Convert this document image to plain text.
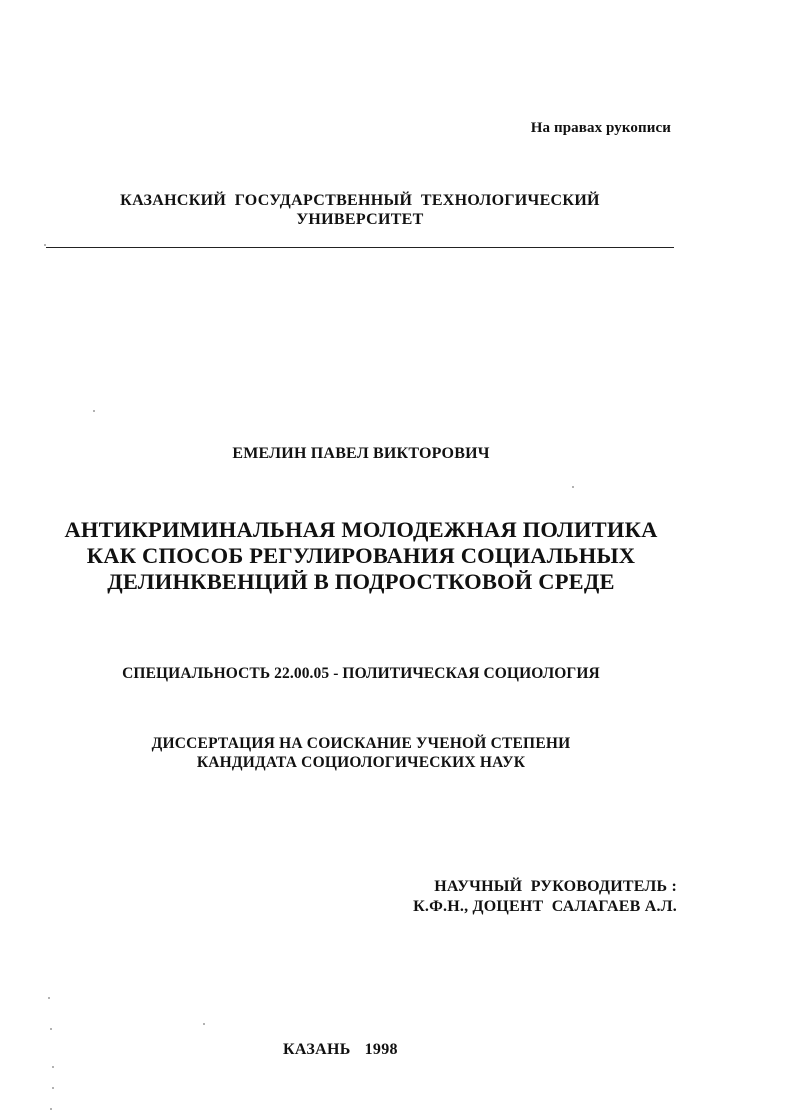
На правах рукописи
КАЗАНСКИЙ  ГОСУДАРСТВЕННЫЙ  ТЕХНОЛОГИЧЕСКИЙ
УНИВЕРСИТЕТ
ЕМЕЛИН ПАВЕЛ ВИКТОРОВИЧ
АНТИКРИМИНАЛЬНАЯ МОЛОДЕЖНАЯ ПОЛИТИКА
КАК СПОСОБ РЕГУЛИРОВАНИЯ СОЦИАЛЬНЫХ
ДЕЛИНКВЕНЦИЙ В ПОДРОСТКОВОЙ СРЕДЕ
СПЕЦИАЛЬНОСТЬ 22.00.05 - ПОЛИТИЧЕСКАЯ СОЦИОЛОГИЯ
ДИССЕРТАЦИЯ НА СОИСКАНИЕ УЧЕНОЙ СТЕПЕНИ
КАНДИДАТА СОЦИОЛОГИЧЕСКИХ НАУК
НАУЧНЫЙ  РУКОВОДИТЕЛЬ :
К.Ф.Н., ДОЦЕНТ  САЛАГАЕВ А.Л.
КАЗАНЬ 1998
